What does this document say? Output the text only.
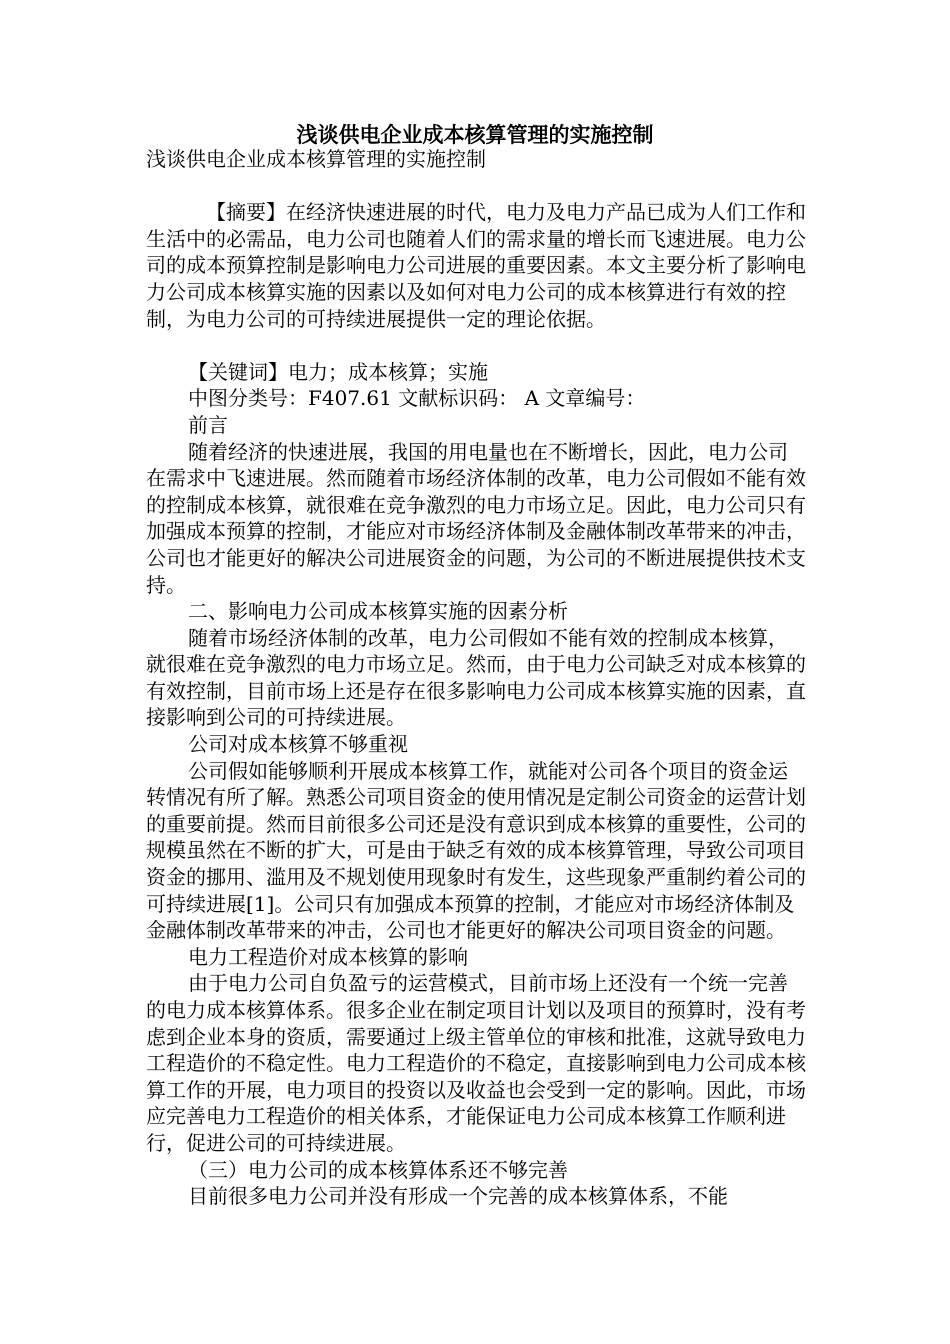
浅谈供电企业成本核算管理的实施控制

浅谈供电企业成本核算管理的实施控制

【摘要】在经济快速进展的时代，电力及电力产品已成为人们工作和生活中的必需品，电力公司也随着人们的需求量的增长而飞速进展。电力公司的成本预算控制是影响电力公司进展的重要因素。本文主要分析了影响电力公司成本核算实施的因素以及如何对电力公司的成本核算进行有效的控制，为电力公司的可持续进展提供一定的理论依据。

【关键词】电力；成本核算；实施

中图分类号：F407.61 文献标识码： A 文章编号：

前言

随着经济的快速进展，我国的用电量也在不断增长，因此，电力公司在需求中飞速进展。然而随着市场经济体制的改革，电力公司假如不能有效的控制成本核算，就很难在竞争激烈的电力市场立足。因此，电力公司只有加强成本预算的控制，才能应对市场经济体制及金融体制改革带来的冲击，公司也才能更好的解决公司进展资金的问题，为公司的不断进展提供技术支持。

二、影响电力公司成本核算实施的因素分析

随着市场经济体制的改革，电力公司假如不能有效的控制成本核算，就很难在竞争激烈的电力市场立足。然而，由于电力公司缺乏对成本核算的有效控制，目前市场上还是存在很多影响电力公司成本核算实施的因素，直接影响到公司的可持续进展。

公司对成本核算不够重视

公司假如能够顺利开展成本核算工作，就能对公司各个项目的资金运转情况有所了解。熟悉公司项目资金的使用情况是定制公司资金的运营计划的重要前提。然而目前很多公司还是没有意识到成本核算的重要性，公司的规模虽然在不断的扩大，可是由于缺乏有效的成本核算管理，导致公司项目资金的挪用、滥用及不规划使用现象时有发生，这些现象严重制约着公司的可持续进展[1]。公司只有加强成本预算的控制，才能应对市场经济体制及金融体制改革带来的冲击，公司也才能更好的解决公司项目资金的问题。

电力工程造价对成本核算的影响

由于电力公司自负盈亏的运营模式，目前市场上还没有一个统一完善的电力成本核算体系。很多企业在制定项目计划以及项目的预算时，没有考虑到企业本身的资质，需要通过上级主管单位的审核和批准，这就导致电力工程造价的不稳定性。电力工程造价的不稳定，直接影响到电力公司成本核算工作的开展，电力项目的投资以及收益也会受到一定的影响。因此，市场应完善电力工程造价的相关体系，才能保证电力公司成本核算工作顺利进行，促进公司的可持续进展。

（三）电力公司的成本核算体系还不够完善

目前很多电力公司并没有形成一个完善的成本核算体系，不能
